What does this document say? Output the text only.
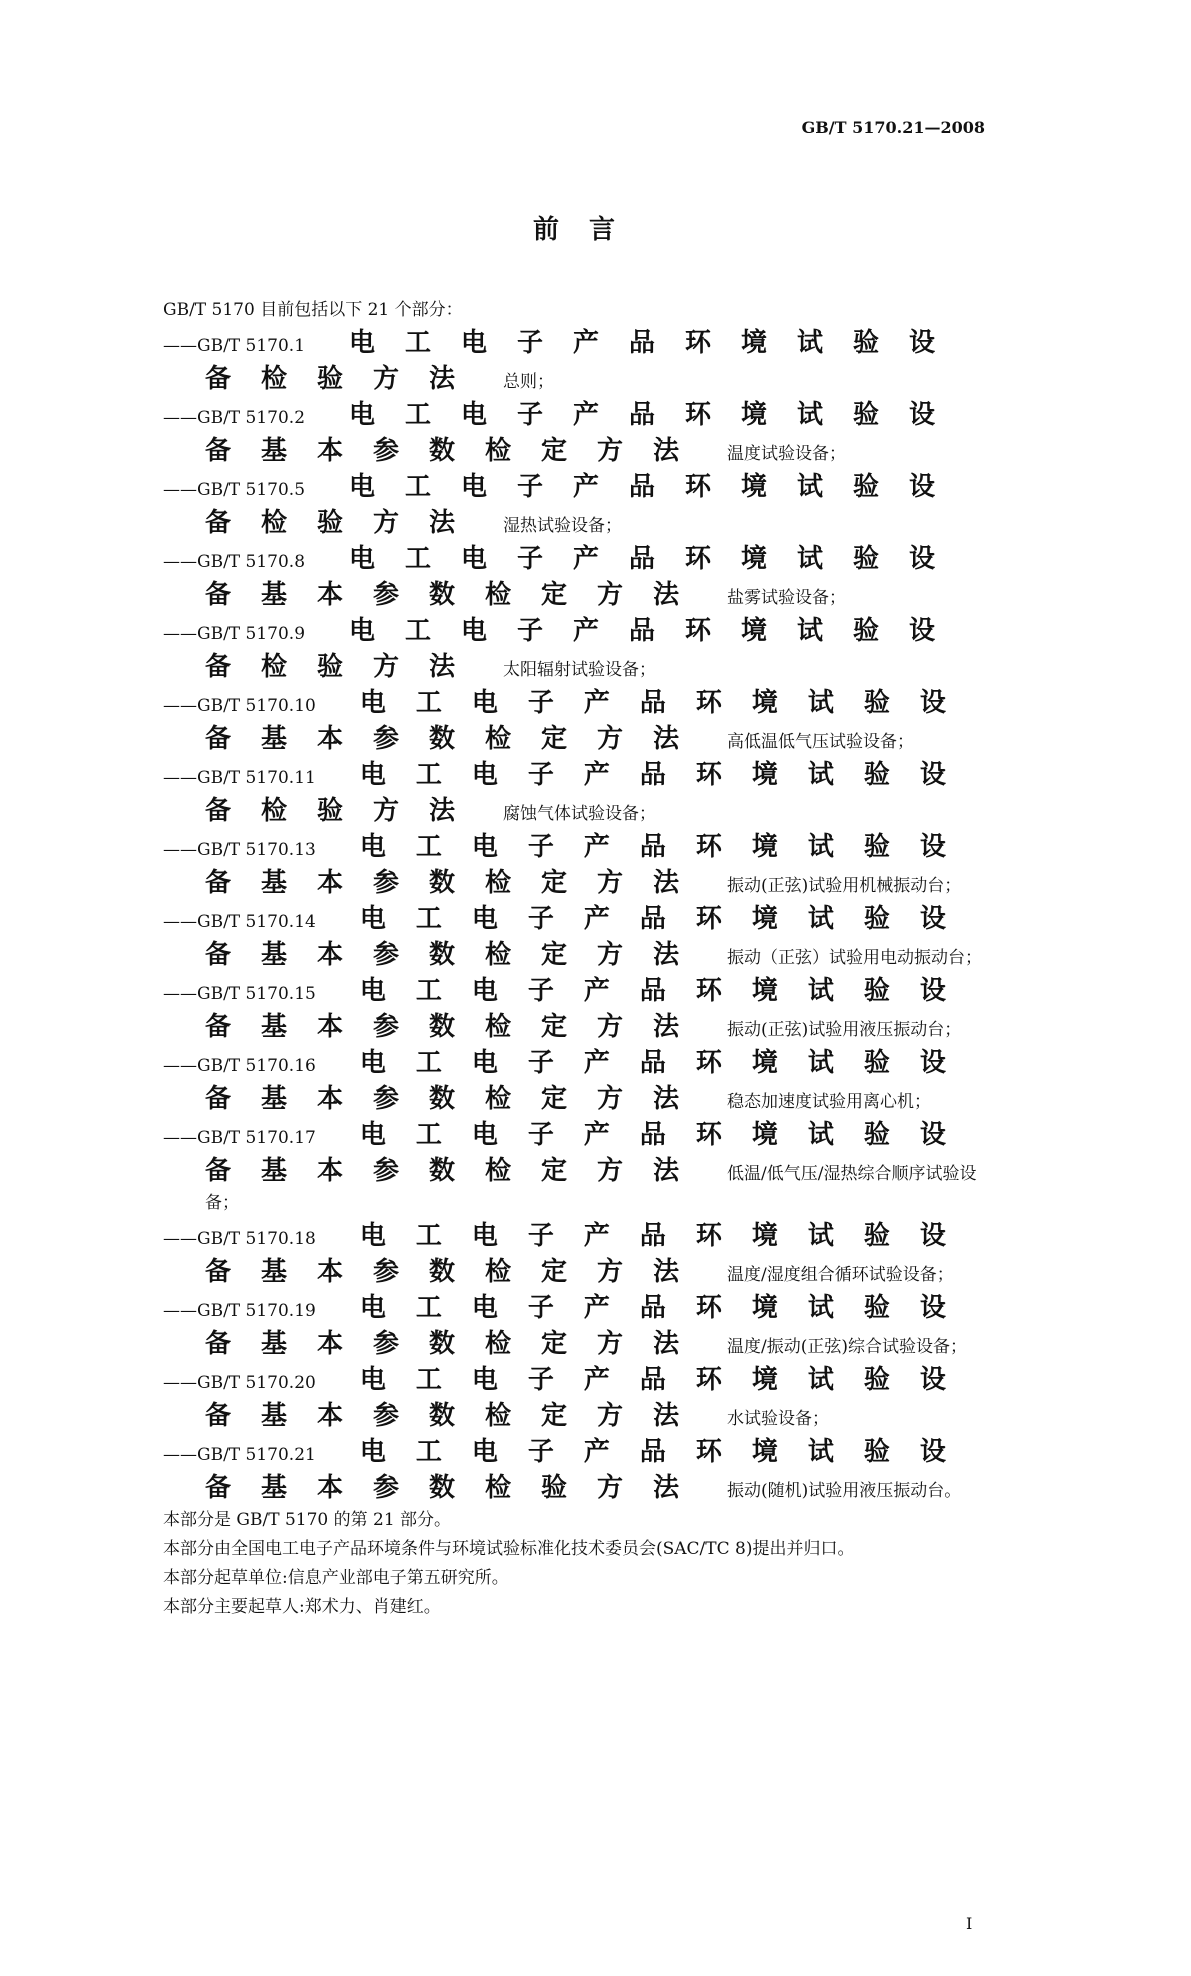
GB/T 5170.21—2008
前言
GB/T 5170 目前包括以下 21 个部分：
——GB/T 5170.1 电工电子产品环境试验设备检验方法 总则；
——GB/T 5170.2 电工电子产品环境试验设备基本参数检定方法 温度试验设备；
——GB/T 5170.5 电工电子产品环境试验设备检验方法 湿热试验设备；
——GB/T 5170.8 电工电子产品环境试验设备基本参数检定方法 盐雾试验设备；
——GB/T 5170.9 电工电子产品环境试验设备检验方法 太阳辐射试验设备；
——GB/T 5170.10 电工电子产品环境试验设备基本参数检定方法 高低温低气压试验设备；
——GB/T 5170.11 电工电子产品环境试验设备检验方法 腐蚀气体试验设备；
——GB/T 5170.13 电工电子产品环境试验设备基本参数检定方法 振动(正弦)试验用机械振动台；
——GB/T 5170.14 电工电子产品环境试验设备基本参数检定方法 振动（正弦）试验用电动振动台；
——GB/T 5170.15 电工电子产品环境试验设备基本参数检定方法 振动(正弦)试验用液压振动台；
——GB/T 5170.16 电工电子产品环境试验设备基本参数检定方法 稳态加速度试验用离心机；
——GB/T 5170.17 电工电子产品环境试验设备基本参数检定方法 低温/低气压/湿热综合顺序试验设备；
——GB/T 5170.18 电工电子产品环境试验设备基本参数检定方法 温度/湿度组合循环试验设备；
——GB/T 5170.19 电工电子产品环境试验设备基本参数检定方法 温度/振动(正弦)综合试验设备；
——GB/T 5170.20 电工电子产品环境试验设备基本参数检定方法 水试验设备；
——GB/T 5170.21 电工电子产品环境试验设备基本参数检验方法 振动(随机)试验用液压振动台。
本部分是 GB/T 5170 的第 21 部分。
本部分由全国电工电子产品环境条件与环境试验标准化技术委员会(SAC/TC 8)提出并归口。
本部分起草单位:信息产业部电子第五研究所。
本部分主要起草人:郑术力、肖建红。
I
